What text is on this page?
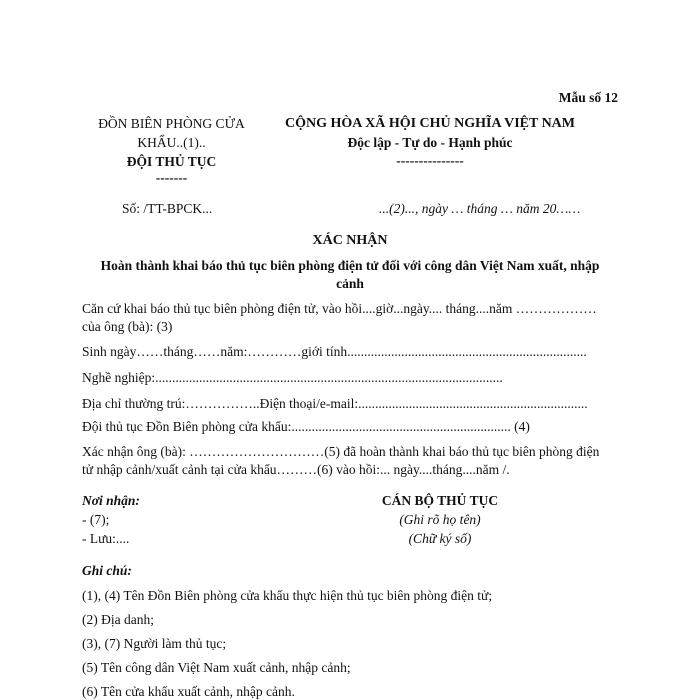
Mẫu số 12
ĐỒN BIÊN PHÒNG CỬA
KHẨU..(1)..
ĐỘI THỦ TỤC
-------
CỘNG HÒA XÃ HỘI CHỦ NGHĨA VIỆT NAM
Độc lập - Tự do - Hạnh phúc
---------------
Số: /TT-BPCK...	...(2)..., ngày … tháng … năm 20……
XÁC NHẬN
Hoàn thành khai báo thủ tục biên phòng điện tử đối với công dân Việt Nam xuất, nhập
cảnh
Căn cứ khai báo thủ tục biên phòng điện tử, vào hồi....giờ...ngày.... tháng....năm ………………
của ông (bà): (3)
Sinh ngày……tháng……năm:…………giới tính.......................................................................
Nghề nghiệp:.......................................................................................................
Địa chỉ thường trú:……………..Điện thoại/e-mail:....................................................................
Đội thủ tục Đồn Biên phòng cửa khẩu:................................................................. (4)
Xác nhận ông (bà): …………………………(5) đã hoàn thành khai báo thủ tục biên phòng điện
tử nhập cảnh/xuất cảnh tại cửa khẩu………(6) vào hồi:... ngày....tháng....năm /.
Nơi nhận:
- (7);
- Lưu:....
CÁN BỘ THỦ TỤC
(Ghi rõ họ tên)
(Chữ ký số)
Ghi chú:
(1), (4) Tên Đồn Biên phòng cửa khẩu thực hiện thủ tục biên phòng điện tử;
(2) Địa danh;
(3), (7) Người làm thủ tục;
(5) Tên công dân Việt Nam xuất cảnh, nhập cảnh;
(6) Tên cửa khẩu xuất cảnh, nhập cảnh.
